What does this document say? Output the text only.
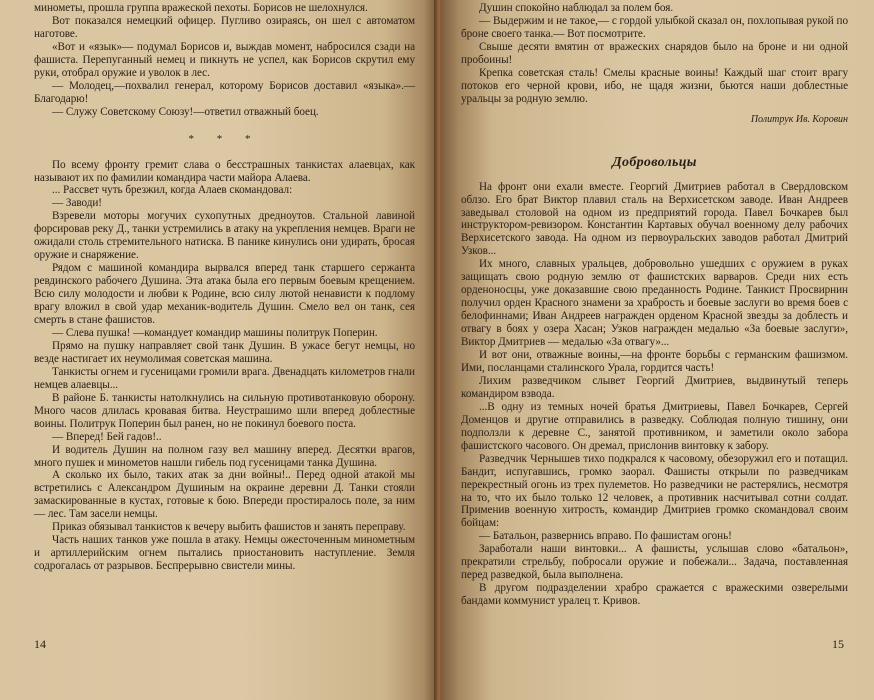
минометы, прошла группа вражеской пехоты. Борисов не шелохнулся.

Вот показался немецкий офицер. Пугливо озираясь, он шел с автоматом наготове.

«Вот и «язык»— подумал Борисов и, выждав момент, набросился сзади на фашиста. Перепуганный немец и пикнуть не успел, как Борисов скрутил ему руки, отобрал оружие и уволок в лес.

— Молодец,—похвалил генерал, которому Борисов доставил «языка».— Благодарю!

— Служу Советскому Союзу!—ответил отважный боец.

* * *

По всему фронту гремит слава о бесстрашных танкистах алаевцах, как называют их по фамилии командира части майора Алаева.

... Рассвет чуть брезжил, когда Алаев скомандовал:

— Заводи!

Взревели моторы могучих сухопутных дредноутов. Стальной лавиной форсировав реку Д., танки устремились в атаку на укрепления немцев. Враги не ожидали столь стремительного натиска. В панике кинулись они удирать, бросая оружие и снаряжение.

Рядом с машиной командира вырвался вперед танк старшего сержанта ревдинского рабочего Душина. Эта атака была его первым боевым крещением. Всю силу молодости и любви к Родине, всю силу лютой ненависти к подлому врагу вложил в свой удар механик-водитель Душин. Смело вел он танк, сея смерть в стане фашистов.

— Слева пушка! —командует командир машины политрук Поперин.

Прямо на пушку направляет свой танк Душин. В ужасе бегут немцы, но везде настигает их неумолимая советская машина.

Танкисты огнем и гусеницами громили врага. Двенадцать километров гнали немцев алаевцы...

В районе Б. танкисты натолкнулись на сильную противотанковую оборону. Много часов длилась кровавая битва. Неустрашимо шли вперед доблестные воины. Политрук Поперин был ранен, но не покинул боевого поста.

— Вперед! Бей гадов!..

И водитель Душин на полном газу вел машину вперед. Десятки врагов, много пушек и минометов нашли гибель под гусеницами танка Душина.

А сколько их было, таких атак за дни войны!.. Перед одной атакой мы встретились с Александром Душиным на окраине деревни Д. Танки стояли замаскированные в кустах, готовые к бою. Впереди простиралось поле, за ним — лес. Там засели немцы.

Приказ обязывал танкистов к вечеру выбить фашистов и занять переправу.

Часть наших танков уже пошла в атаку. Немцы ожесточенным минометным и артиллерийским огнем пытались приостановить наступление. Земля содрогалась от разрывов. Беспрерывно свистели мины.

14

Душин спокойно наблюдал за полем боя.

— Выдержим и не такое,— с гордой улыбкой сказал он, похлопывая рукой по броне своего танка.— Вот посмотрите.

Свыше десяти вмятин от вражеских снарядов было на броне и ни одной пробоины!

Крепка советская сталь! Смелы красные воины! Каждый шаг стоит врагу потоков его черной крови, ибо, не щадя жизни, бьются наши доблестные уральцы за родную землю.

Политрук Ив. Коровин
Добровольцы

На фронт они ехали вместе. Георгий Дмитриев работал в Свердловском облзо. Его брат Виктор плавил сталь на Верхисетском заводе. Иван Андреев заведывал столовой на одном из предприятий города. Павел Бочкарев был инструктором-ревизором. Константин Картавых обучал военному делу рабочих Верхисетского завода. На одном из первоуральских заводов работал Дмитрий Узков...

Их много, славных уральцев, добровольно ушедших с оружием в руках защищать свою родную землю от фашистских варваров. Среди них есть орденоносцы, уже доказавшие свою преданность Родине. Танкист Просвирнин получил орден Красного знамени за храбрость и боевые заслуги во время боев с белофиннами; Иван Андреев награжден орденом Красной звезды за доблесть и отвагу в боях у озера Хасан; Узков награжден медалью «За боевые заслуги», Виктор Дмитриев — медалью «За отвагу»...

И вот они, отважные воины,—на фронте борьбы с германским фашизмом. Ими, посланцами сталинского Урала, гордится часть!

Лихим разведчиком слывет Георгий Дмитриев, выдвинутый теперь командиром взвода.

...В одну из темных ночей братья Дмитриевы, Павел Бочкарев, Сергей Доменцов и другие отправились в разведку. Соблюдая полную тишину, они подползли к деревне С., занятой противником, и заметили около забора фашистского часового. Он дремал, прислонив винтовку к забору.

Разведчик Чернышев тихо подкрался к часовому, обезоружил его и потащил. Бандит, испугавшись, громко заорал. Фашисты открыли по разведчикам перекрестный огонь из трех пулеметов. Но разведчики не растерялись, несмотря на то, что их было только 12 человек, а противник насчитывал сотни солдат. Применив военную хитрость, командир Дмитриев громко скомандовал своим бойцам:

— Батальон, развернись вправо. По фашистам огонь!

Заработали наши винтовки... А фашисты, услышав слово «батальон», прекратили стрельбу, побросали оружие и побежали... Задача, поставленная перед разведкой, была выполнена.

В другом подразделении храбро сражается с вражескими озверелыми бандами коммунист уралец т. Кривов.

15
